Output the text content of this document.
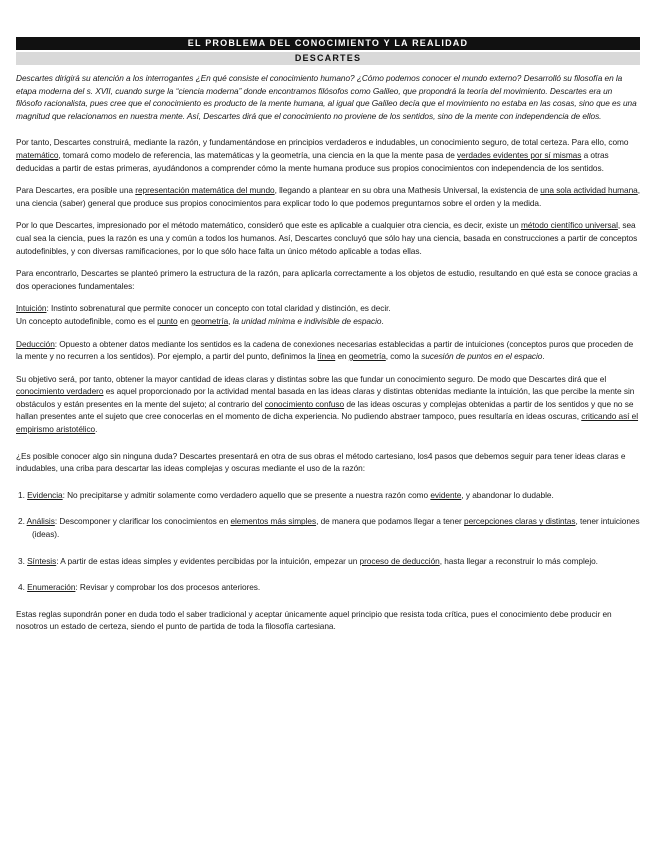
EL PROBLEMA DEL CONOCIMIENTO Y LA REALIDAD
DESCARTES

Descartes dirigirá su atención a los interrogantes ¿En qué consiste el conocimiento humano? ¿Cómo podemos conocer el mundo externo? Desarrolló su filosofía en la etapa moderna del s. XVII, cuando surge la “ciencia moderna” donde encontramos filósofos como Galileo, que propondrá la teoría del movimiento. Descartes era un filósofo racionalista, pues cree que el conocimiento es producto de la mente humana, al igual que Galileo decía que el movimiento no estaba en las cosas, sino que es una magnitud que relacionamos en nuestra mente. Así, Descartes dirá que el conocimiento no proviene de los sentidos, sino de la mente con independencia de ellos.

Por tanto, Descartes construirá, mediante la razón, y fundamentándose en principios verdaderos e indudables, un conocimiento seguro, de total certeza. Para ello, como matemático, tomará como modelo de referencia, las matemáticas y la geometría, una ciencia en la que la mente pasa de verdades evidentes por sí mismas a otras deducidas a partir de estas primeras, ayudándonos a comprender cómo la mente humana produce sus propios conocimientos con independencia de los sentidos.

Para Descartes, era posible una representación matemática del mundo, llegando a plantear en su obra una Mathesis Universal, la existencia de una sola actividad humana, una ciencia (saber) general que produce sus propios conocimientos para explicar todo lo que podemos preguntarnos sobre el orden y la medida.

Por lo que Descartes, impresionado por el método matemático, consideró que este es aplicable a cualquier otra ciencia, es decir, existe un método científico universal, sea cual sea la ciencia, pues la razón es una y común a todos los humanos. Así, Descartes concluyó que sólo hay una ciencia, basada en construcciones a partir de conceptos autodefinibles, y con diversas ramificaciones, por lo que sólo hace falta un único método aplicable a todas ellas.

Para encontrarlo, Descartes se planteó primero la estructura de la razón, para aplicarla correctamente a los objetos de estudio, resultando en qué esta se conoce gracias a dos operaciones fundamentales:

Intuición: Instinto sobrenatural que permite conocer un concepto con total claridad y distinción, es decir.
Un concepto autodefinible, como es el punto en geometría, la unidad mínima e indivisible de espacio.

Deducción: Opuesto a obtener datos mediante los sentidos es la cadena de conexiones necesarias establecidas a partir de intuiciones (conceptos puros que proceden de la mente y no recurren a los sentidos). Por ejemplo, a partir del punto, definimos la línea en geometría, como la sucesión de puntos en el espacio.

Su objetivo será, por tanto, obtener la mayor cantidad de ideas claras y distintas sobre las que fundar un conocimiento seguro. De modo que Descartes dirá que el conocimiento verdadero es aquel proporcionado por la actividad mental basada en las ideas claras y distintas obtenidas mediante la intuición, las que percibe la mente sin obstáculos y están presentes en la mente del sujeto; al contrario del conocimiento confuso de las ideas oscuras y complejas obtenidas a partir de los sentidos y que no se hallan presentes ante el sujeto que cree conocerlas en el momento de dicha experiencia. No pudiendo abstraer tampoco, pues resultaría en ideas oscuras, criticando así el empirismo aristotélico.

¿Es posible conocer algo sin ninguna duda? Descartes presentará en otra de sus obras el método cartesiano, los4 pasos que debemos seguir para tener ideas claras e indudables, una criba para descartar las ideas complejas y oscuras mediante el uso de la razón:

1. Evidencia: No precipitarse y admitir solamente como verdadero aquello que se presente a nuestra razón como evidente, y abandonar lo dudable.

2. Análisis: Descomponer y clarificar los conocimientos en elementos más simples, de manera que podamos llegar a tener percepciones claras y distintas, tener intuiciones (ideas).

3. Síntesis: A partir de estas ideas simples y evidentes percibidas por la intuición, empezar un proceso de deducción, hasta llegar a reconstruir lo más complejo.

4. Enumeración: Revisar y comprobar los dos procesos anteriores.

Estas reglas supondrán poner en duda todo el saber tradicional y aceptar únicamente aquel principio que resista toda crítica, pues el conocimiento debe producir en nosotros un estado de certeza, siendo el punto de partida de toda la filosofía cartesiana.
